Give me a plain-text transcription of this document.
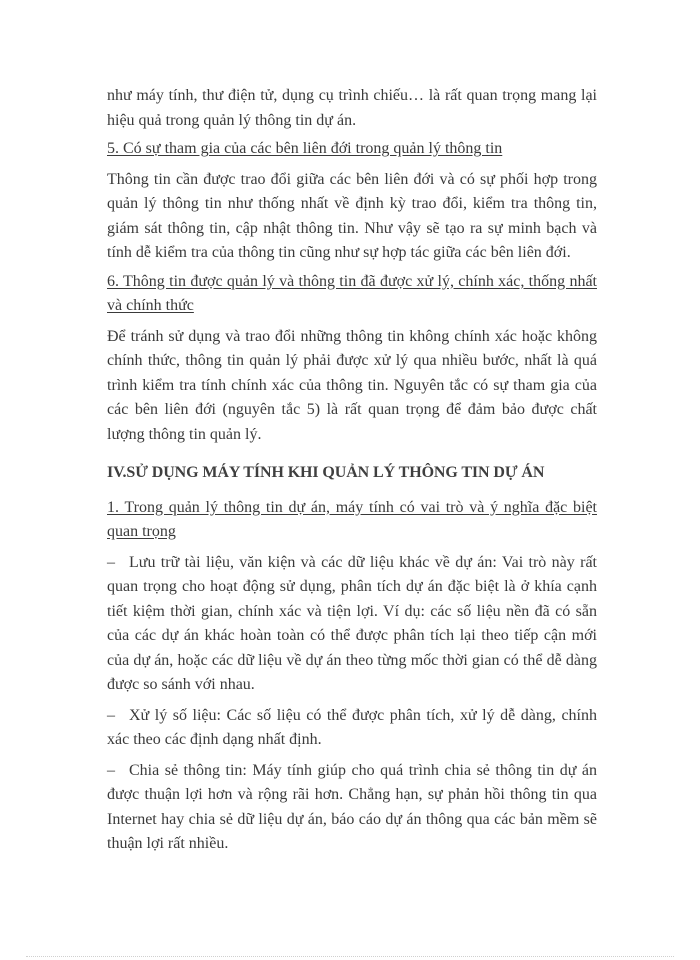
như máy tính, thư điện tử, dụng cụ trình chiếu… là rất quan trọng mang lại hiệu quả trong quản lý thông tin dự án.

5. Có sự tham gia của các bên liên đới trong quản lý thông tin

Thông tin cần được trao đổi giữa các bên liên đới và có sự phối hợp trong quản lý thông tin như thống nhất về định kỳ trao đổi, kiểm tra thông tin, giám sát thông tin, cập nhật thông tin. Như vậy sẽ tạo ra sự minh bạch và tính dễ kiểm tra của thông tin cũng như sự hợp tác giữa các bên liên đới.

6. Thông tin được quản lý và thông tin đã được xử lý, chính xác, thống nhất và chính thức

Để tránh sử dụng và trao đổi những thông tin không chính xác hoặc không chính thức, thông tin quản lý phải được xử lý qua nhiều bước, nhất là quá trình kiểm tra tính chính xác của thông tin. Nguyên tắc có sự tham gia của các bên liên đới (nguyên tắc 5) là rất quan trọng để đảm bảo được chất lượng thông tin quản lý.

IV.SỬ DỤNG MÁY TÍNH KHI QUẢN LÝ THÔNG TIN DỰ ÁN

1. Trong quản lý thông tin dự án, máy tính có vai trò và ý nghĩa đặc biệt quan trọng

– Lưu trữ tài liệu, văn kiện và các dữ liệu khác về dự án: Vai trò này rất quan trọng cho hoạt động sử dụng, phân tích dự án đặc biệt là ở khía cạnh tiết kiệm thời gian, chính xác và tiện lợi. Ví dụ: các số liệu nền đã có sẵn của các dự án khác hoàn toàn có thể được phân tích lại theo tiếp cận mới của dự án, hoặc các dữ liệu về dự án theo từng mốc thời gian có thể dễ dàng được so sánh với nhau.

– Xử lý số liệu: Các số liệu có thể được phân tích, xử lý dễ dàng, chính xác theo các định dạng nhất định.

– Chia sẻ thông tin: Máy tính giúp cho quá trình chia sẻ thông tin dự án được thuận lợi hơn và rộng rãi hơn. Chẳng hạn, sự phản hồi thông tin qua Internet hay chia sẻ dữ liệu dự án, báo cáo dự án thông qua các bản mềm sẽ thuận lợi rất nhiều.
